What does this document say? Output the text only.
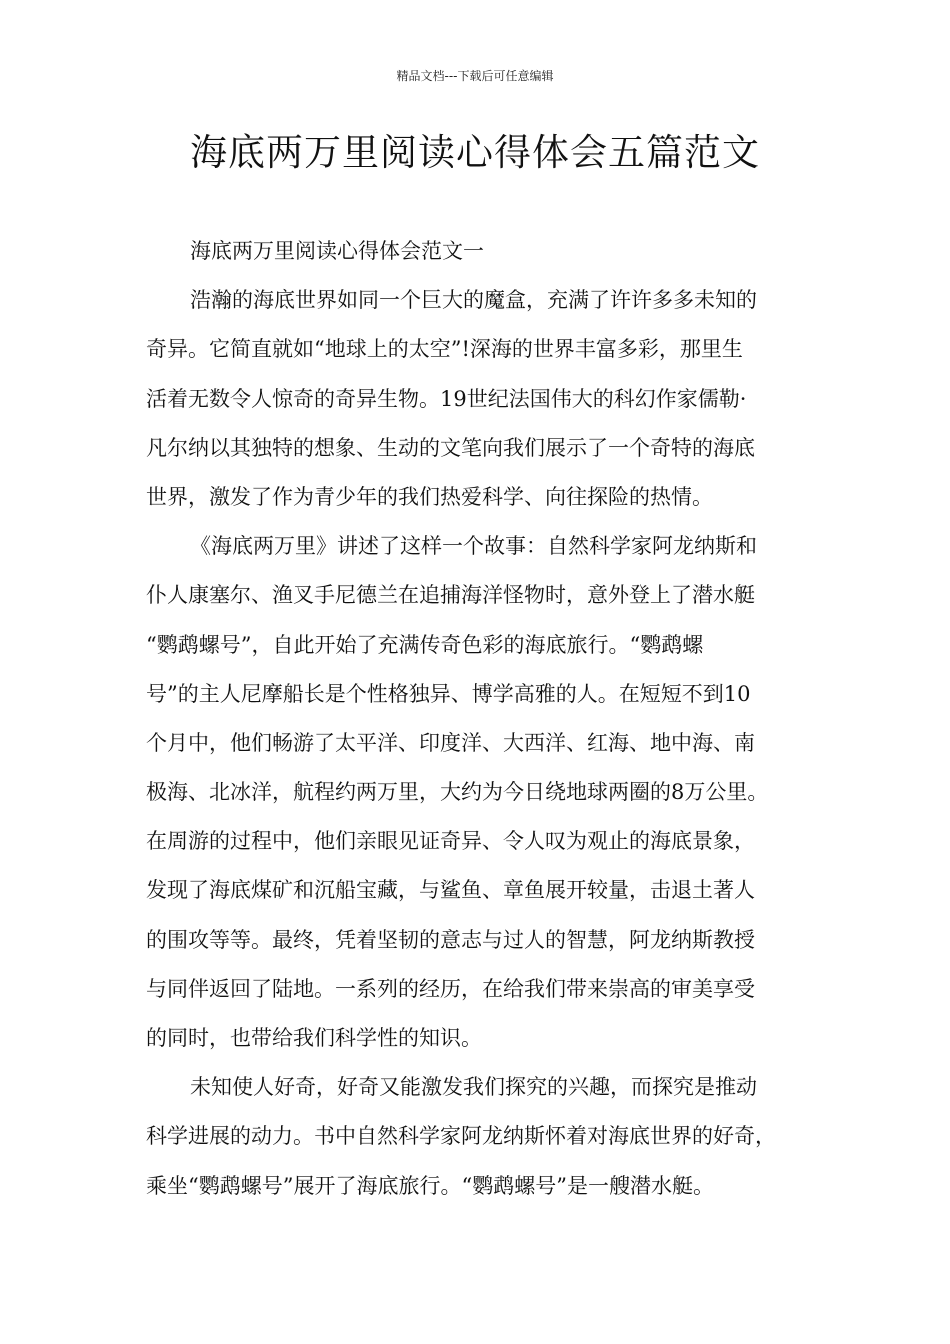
精品文档---下载后可任意编辑
海底两万里阅读心得体会五篇范文
海底两万里阅读心得体会范文一
浩瀚的海底世界如同一个巨大的魔盒，充满了许许多多未知的
奇异。它简直就如“地球上的太空”!深海的世界丰富多彩，那里生
活着无数令人惊奇的奇异生物。19世纪法国伟大的科幻作家儒勒·
凡尔纳以其独特的想象、生动的文笔向我们展示了一个奇特的海底
世界，激发了作为青少年的我们热爱科学、向往探险的热情。
《海底两万里》讲述了这样一个故事：自然科学家阿龙纳斯和
仆人康塞尔、渔叉手尼德兰在追捕海洋怪物时，意外登上了潜水艇
“鹦鹉螺号”，自此开始了充满传奇色彩的海底旅行。“鹦鹉螺
号”的主人尼摩船长是个性格独异、博学高雅的人。在短短不到10
个月中，他们畅游了太平洋、印度洋、大西洋、红海、地中海、南
极海、北冰洋，航程约两万里，大约为今日绕地球两圈的8万公里。
在周游的过程中，他们亲眼见证奇异、令人叹为观止的海底景象，
发现了海底煤矿和沉船宝藏，与鲨鱼、章鱼展开较量，击退土著人
的围攻等等。最终，凭着坚韧的意志与过人的智慧，阿龙纳斯教授
与同伴返回了陆地。一系列的经历，在给我们带来崇高的审美享受
的同时，也带给我们科学性的知识。
未知使人好奇，好奇又能激发我们探究的兴趣，而探究是推动
科学进展的动力。书中自然科学家阿龙纳斯怀着对海底世界的好奇，
乘坐“鹦鹉螺号”展开了海底旅行。“鹦鹉螺号”是一艘潜水艇。
